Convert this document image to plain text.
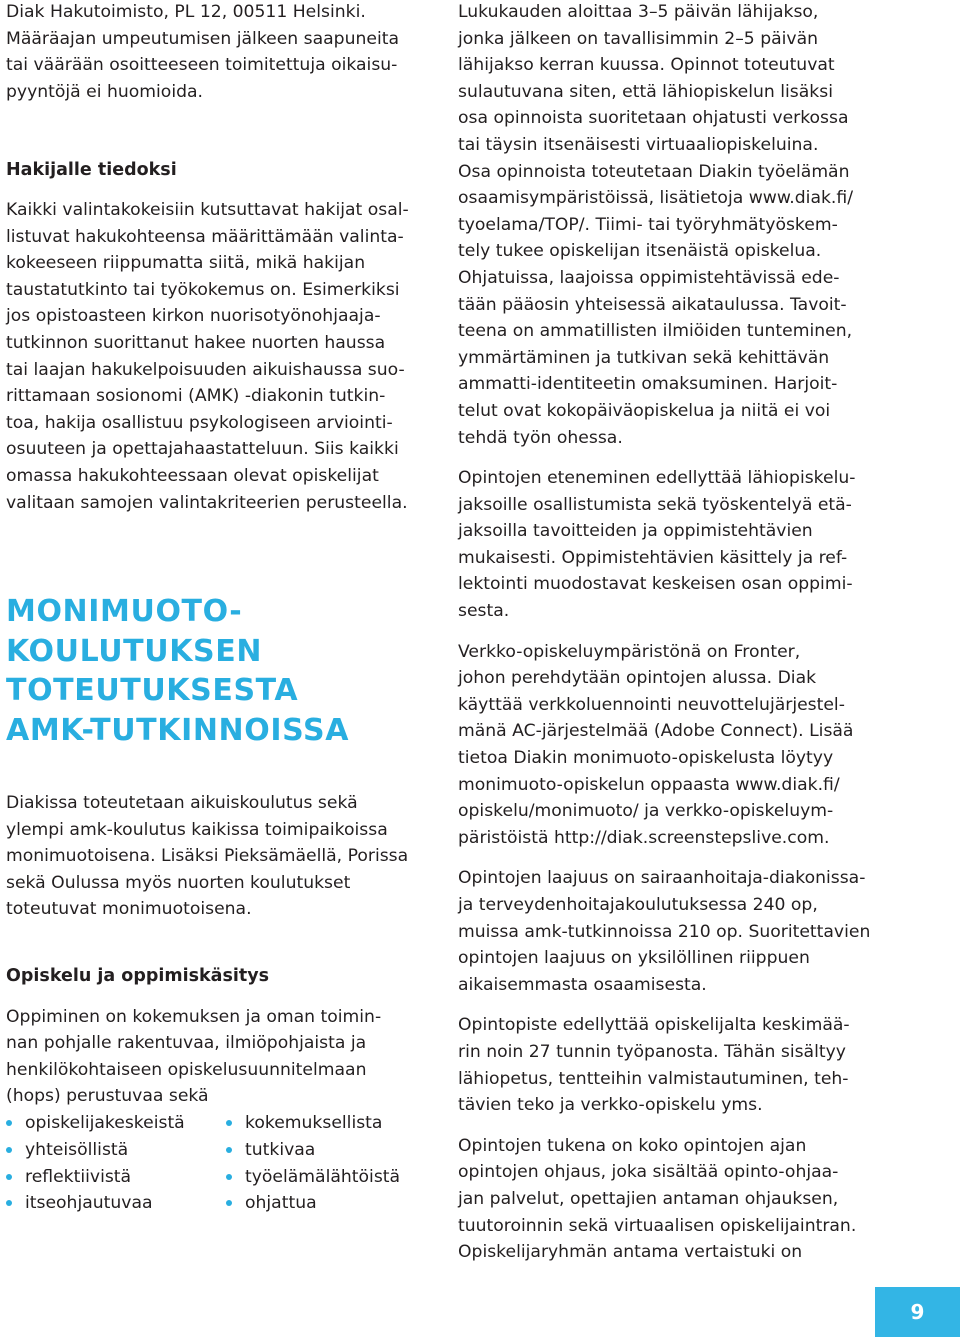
Diak Hakutoimisto, PL 12, 00511 Helsinki.
Määräajan umpeutumisen jälkeen saapuneita
tai väärään osoitteeseen toimitettuja oikaisu-
pyyntöjä ei huomioida.

Hakijalle tiedoksi

Kaikki valintakokeisiin kutsuttavat hakijat osal-
listuvat hakukohteensa määrittämään valinta-
kokeeseen riippumatta siitä, mikä hakijan
taustatutkinto tai työkokemus on. Esimerkiksi
jos opistoasteen kirkon nuorisotyönohjaaja-
tutkinnon suorittanut hakee nuorten haussa
tai laajan hakukelpoisuuden aikuishaussa suo-
rittamaan sosionomi (AMK) -diakonin tutkin-
toa, hakija osallistuu psykologiseen arviointi-
osuuteen ja opettajahaastatteluun. Siis kaikki
omassa hakukohteessaan olevat opiskelijat
valitaan samojen valintakriteerien perusteella.

MONIMUOTO-
KOULUTUKSEN
TOTEUTUKSESTA
AMK-TUTKINNOISSA

Diakissa toteutetaan aikuiskoulutus sekä
ylempi amk-koulutus kaikissa toimipaikoissa
monimuotoisena. Lisäksi Pieksämäellä, Porissa
sekä Oulussa myös nuorten koulutukset
toteutuvat monimuotoisena.

Opiskelu ja oppimiskäsitys

Oppiminen on kokemuksen ja oman toimin-
nan pohjalle rakentuvaa, ilmiöpohjaista ja
henkilökohtaiseen opiskelusuunnitelmaan
(hops) perustuvaa sekä

opiskelijakeskeistä
yhteisöllistä
reflektiivistä
itseohjautuvaa
kokemuksellista
tutkivaa
työelämälähtöistä
ohjattua

Lukukauden aloittaa 3–5 päivän lähijakso,
jonka jälkeen on tavallisimmin 2–5 päivän
lähijakso kerran kuussa. Opinnot toteutuvat
sulautuvana siten, että lähiopiskelun lisäksi
osa opinnoista suoritetaan ohjatusti verkossa
tai täysin itsenäisesti virtuaaliopiskeluina.
Osa opinnoista toteutetaan Diakin työelämän
osaamisympäristöissä, lisätietoja www.diak.fi/
tyoelama/TOP/. Tiimi- tai työryhmätyöskem-
tely tukee opiskelijan itsenäistä opiskelua.
Ohjatuissa, laajoissa oppimistehtävissä ede-
tään pääosin yhteisessä aikataulussa. Tavoit-
teena on ammatillisten ilmiöiden tunteminen,
ymmärtäminen ja tutkivan sekä kehittävän
ammatti-identiteetin omaksuminen. Harjoit-
telut ovat kokopäiväopiskelua ja niitä ei voi
tehdä työn ohessa.

Opintojen eteneminen edellyttää lähiopiskelu-
jaksoille osallistumista sekä työskentelyä etä-
jaksoilla tavoitteiden ja oppimistehtävien
mukaisesti. Oppimistehtävien käsittely ja ref-
lektointi muodostavat keskeisen osan oppimi-
sesta.

Verkko-opiskeluympäristönä on Fronter,
johon perehdytään opintojen alussa. Diak
käyttää verkkoluennointi neuvottelujärjestel-
mänä AC-järjestelmää (Adobe Connect). Lisää
tietoa Diakin monimuoto-opiskelusta löytyy
monimuoto-opiskelun oppaasta www.diak.fi/
opiskelu/monimuoto/ ja verkko-opiskeluym-
päristöistä http://diak.screenstepslive.com.

Opintojen laajuus on sairaanhoitaja-diakonissa-
ja terveydenhoitajakoulutuksessa 240 op,
muissa amk-tutkinnoissa 210 op. Suoritettavien
opintojen laajuus on yksilöllinen riippuen
aikaisemmasta osaamisesta.

Opintopiste edellyttää opiskelijalta keskimää-
rin noin 27 tunnin työpanosta. Tähän sisältyy
lähiopetus, tentteihin valmistautuminen, teh-
tävien teko ja verkko-opiskelu yms.

Opintojen tukena on koko opintojen ajan
opintojen ohjaus, joka sisältää opinto-ohjaa-
jan palvelut, opettajien antaman ohjauksen,
tuutoroinnin sekä virtuaalisen opiskelijaintran.
Opiskelijaryhmän antama vertaistuki on

9
